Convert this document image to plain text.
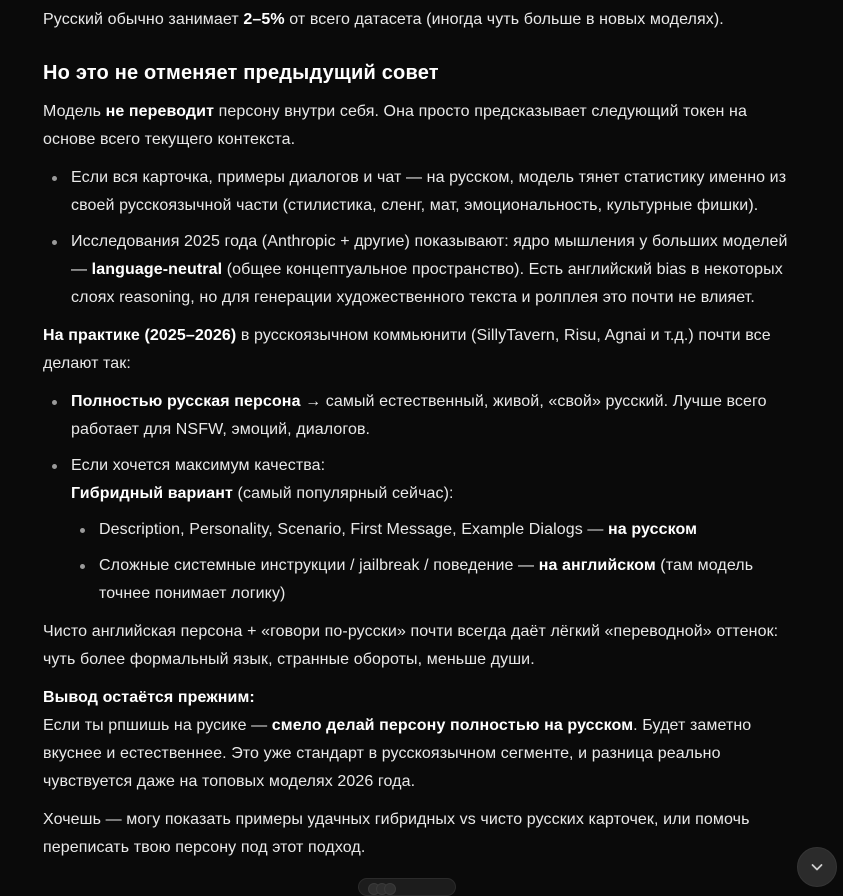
Русский обычно занимает 2–5% от всего датасета (иногда чуть больше в новых моделях).

Но это не отменяет предыдущий совет

Модель не переводит персону внутри себя. Она просто предсказывает следующий токен на основе всего текущего контекста.

Если вся карточка, примеры диалогов и чат — на русском, модель тянет статистику именно из своей русскоязычной части (стилистика, сленг, мат, эмоциональность, культурные фишки).
Исследования 2025 года (Anthropic + другие) показывают: ядро мышления у больших моделей — language-neutral (общее концептуальное пространство). Есть английский bias в некоторых слоях reasoning, но для генерации художественного текста и ролплея это почти не влияет.

На практике (2025–2026) в русскоязычном коммьюнити (SillyTavern, Risu, Agnai и т.д.) почти все делают так:

Полностью русская персона → самый естественный, живой, «свой» русский. Лучше всего работает для NSFW, эмоций, диалогов.
Если хочется максимум качества:
Гибридный вариант (самый популярный сейчас):
Description, Personality, Scenario, First Message, Example Dialogs — на русском
Сложные системные инструкции / jailbreak / поведение — на английском (там модель точнее понимает логику)

Чисто английская персона + «говори по-русски» почти всегда даёт лёгкий «переводной» оттенок: чуть более формальный язык, странные обороты, меньше души.

Вывод остаётся прежним:
Если ты рпшишь на русике — смело делай персону полностью на русском. Будет заметно вкуснее и естественнее. Это уже стандарт в русскоязычном сегменте, и разница реально чувствуется даже на топовых моделях 2026 года.

Хочешь — могу показать примеры удачных гибридных vs чисто русских карточек, или помочь переписать твою персону под этот подход.
